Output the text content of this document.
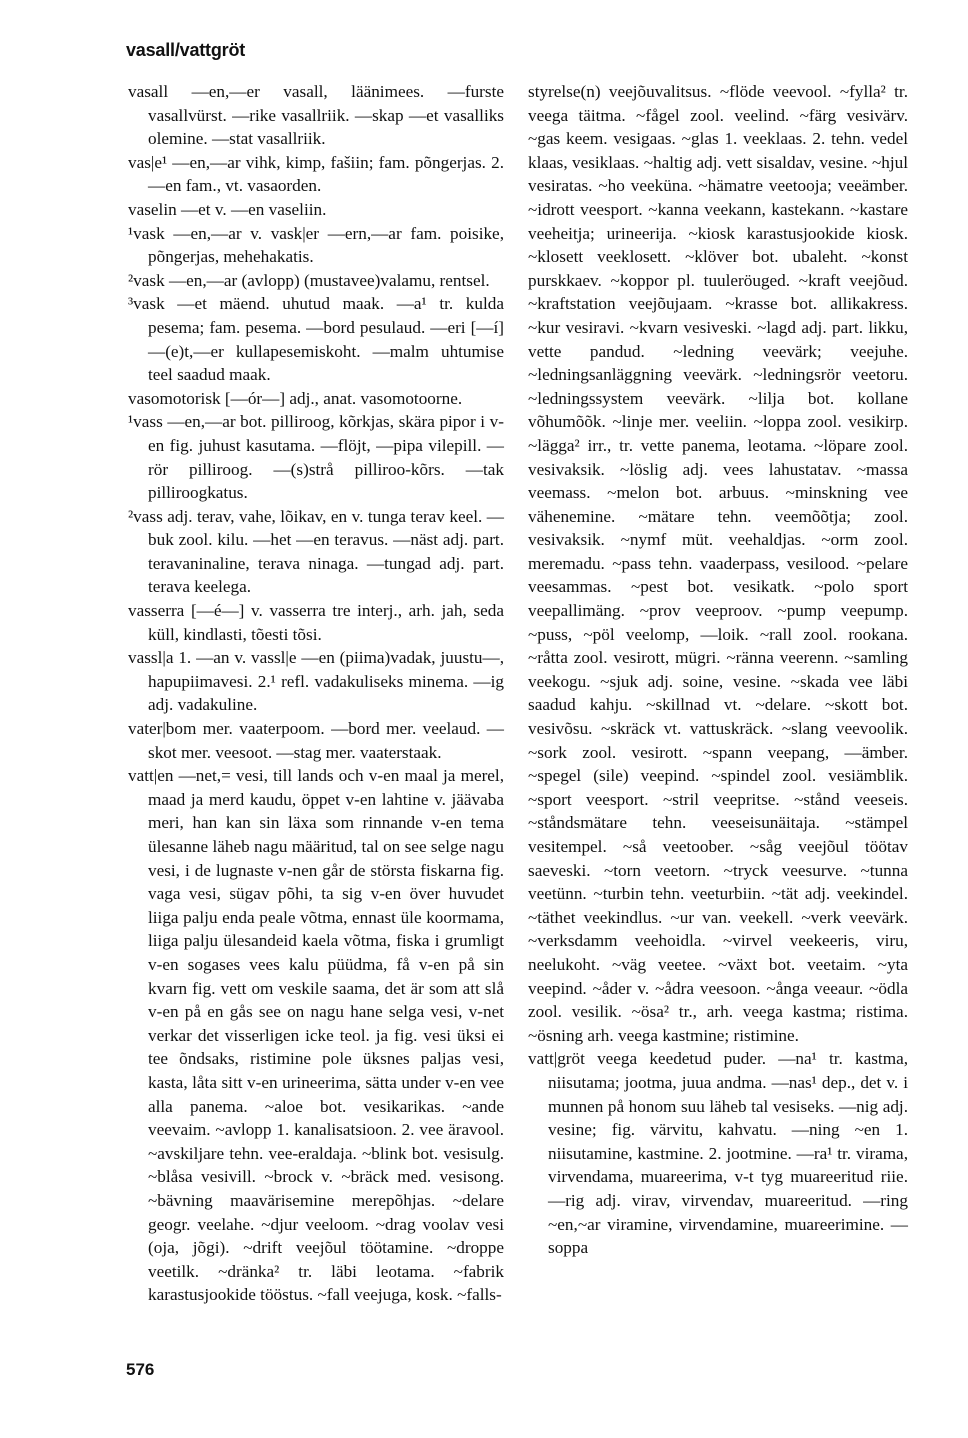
vasall/vattgröt

vasall —en,—er vasall, läänimees. —furste vasallvürst. —rike vasallriik. —skap —et vasalliks olemine. —stat vasallriik.

vas|e¹ —en,—ar vihk, kimp, fašiin; fam. põngerjas. 2. —en fam., vt. vasaorden.

vaselin —et v. —en vaseliin.

¹vask —en,—ar v. vask|er —ern,—ar fam. poisike, põngerjas, mehehakatis.

²vask —en,—ar (avlopp) (mustavee)valamu, rentsel.

³vask —et mäend. uhutud maak. —a¹ tr. kulda pesema; fam. pesema. —bord pesulaud. —eri [—í] —(e)t,—er kullapesemiskoht. —malm uhtumise teel saadud maak.

vasomotorisk [—ór—] adj., anat. vasomotoorne.

¹vass —en,—ar bot. pilliroog, kõrkjas, skära pipor i v-en fig. juhust kasutama. —flöjt, —pipa vilepill. —rör pilliroog. —(s)strå pilliroo-kõrs. —tak pilliroogkatus.

²vass adj. terav, vahe, lõikav, en v. tunga terav keel. —buk zool. kilu. —het —en teravus. —näst adj. part. teravaninaline, terava ninaga. —tungad adj. part. terava keelega.

vasserra [—é—] v. vasserra tre interj., arh. jah, seda küll, kindlasti, tõesti tõsi.

vassl|a 1. —an v. vassl|e —en (piima)vadak, juustu—, hapupiimavesi. 2.¹ refl. vadakuliseks minema. —ig adj. vadakuline.

vater|bom mer. vaaterpoom. —bord mer. veelaud. —skot mer. veesoot. —stag mer. vaaterstaak.

vatt|en —net,= vesi, till lands och v-en maal ja merel, maad ja merd kaudu, öppet v-en lahtine v. jäävaba meri, han kan sin läxa som rinnande v-en tema ülesanne läheb nagu määritud, tal on see selge nagu vesi, i de lugnaste v-nen går de största fiskarna fig. vaga vesi, sügav põhi, ta sig v-en över huvudet liiga palju enda peale võtma, ennast üle koormama, liiga palju ülesandeid kaela võtma, fiska i grumligt v-en sogases vees kalu püüdma, få v-en på sin kvarn fig. vett om veskile saama, det är som att slå v-en på en gås see on nagu hane selga vesi, v-net verkar det visserligen icke teol. ja fig. vesi üksi ei tee õndsaks, ristimine pole üksnes paljas vesi, kasta, låta sitt v-en urineerima, sätta under v-en vee alla panema. ~aloe bot. vesikarikas. ~ande veevaim. ~avlopp 1. kanalisatsioon. 2. vee äravool. ~avskiljare tehn. vee-eraldaja. ~blink bot. vesisulg. ~blåsa vesivill. ~brock v. ~bräck med. vesisong. ~bävning maavärisemine merepõhjas. ~delare geogr. veelahe. ~djur veeloom. ~drag voolav vesi (oja, jõgi). ~drift veejõul töötamine. ~droppe veetilk. ~dränka² tr. läbi leotama. ~fabrik karastusjookide tööstus. ~fall veejuga, kosk. ~falls-

styrelse(n) veejõuvalitsus. ~flöde veevool. ~fylla² tr. veega täitma. ~fågel zool. veelind. ~färg vesivärv. ~gas keem. vesigaas. ~glas 1. veeklaas. 2. tehn. vedel klaas, vesiklaas. ~haltig adj. vett sisaldav, vesine. ~hjul vesiratas. ~ho veeküna. ~hämatre veetooja; veeämber. ~idrott veesport. ~kanna veekann, kastekann. ~kastare veeheitja; urineerija. ~kiosk karastusjookide kiosk. ~klosett veeklosett. ~klöver bot. ubaleht. ~konst purskkaev. ~koppor pl. tuuleröuged. ~kraft veejõud. ~kraftstation veejõujaam. ~krasse bot. allikakress. ~kur vesiravi. ~kvarn vesiveski. ~lagd adj. part. likku, vette pandud. ~ledning veevärk; veejuhe. ~ledningsanläggning veevärk. ~ledningsrör veetoru. ~ledningssystem veevärk. ~lilja bot. kollane võhumõõk. ~linje mer. veeliin. ~loppa zool. vesikirp. ~lägga² irr., tr. vette panema, leotama. ~löpare zool. vesivaksik. ~löslig adj. vees lahustatav. ~massa veemass. ~melon bot. arbuus. ~minskning vee vähenemine. ~mätare tehn. veemõõtja; zool. vesivaksik. ~nymf müt. veehaldjas. ~orm zool. meremadu. ~pass tehn. vaaderpass, vesilood. ~pelare veesammas. ~pest bot. vesikatk. ~polo sport veepallimäng. ~prov veeproov. ~pump veepump. ~puss, ~pöl veelomp, —loik. ~rall zool. rookana. ~råtta zool. vesirott, mügri. ~ränna veerenn. ~samling veekogu. ~sjuk adj. soine, vesine. ~skada vee läbi saadud kahju. ~skillnad vt. ~delare. ~skott bot. vesivõsu. ~skräck vt. vattuskräck. ~slang veevoolik. ~sork zool. vesirott. ~spann veepang, —ämber. ~spegel (sile) veepind. ~spindel zool. vesiämblik. ~sport veesport. ~stril veepritse. ~stånd veeseis. ~ståndsmätare tehn. veeseisunäitaja. ~stämpel vesitempel. ~så veetoober. ~såg veejõul töötav saeveski. ~torn veetorn. ~tryck veesurve. ~tunna veetünn. ~turbin tehn. veeturbiin. ~tät adj. veekindel. ~täthet veekindlus. ~ur van. veekell. ~verk veevärk. ~verksdamm veehoidla. ~virvel veekeeris, viru, neelukoht. ~väg veetee. ~växt bot. veetaim. ~yta veepind. ~åder v. ~ådra veesoon. ~ånga veeaur. ~ödla zool. vesilik. ~ösa² tr., arh. veega kastma; ristima. ~ösning arh. veega kastmine; ristimine.

vatt|gröt veega keedetud puder. —na¹ tr. kastma, niisutama; jootma, juua andma. —nas¹ dep., det v. i munnen på honom suu läheb tal vesiseks. —nig adj. vesine; fig. värvitu, kahvatu. —ning ~en 1. niisutamine, kastmine. 2. jootmine. —ra¹ tr. virama, virvendama, muareerima, v-t tyg muareeritud riie. —rig adj. virav, virvendav, muareeritud. —ring ~en,~ar viramine, virvendamine, muareerimine. —soppa

576
